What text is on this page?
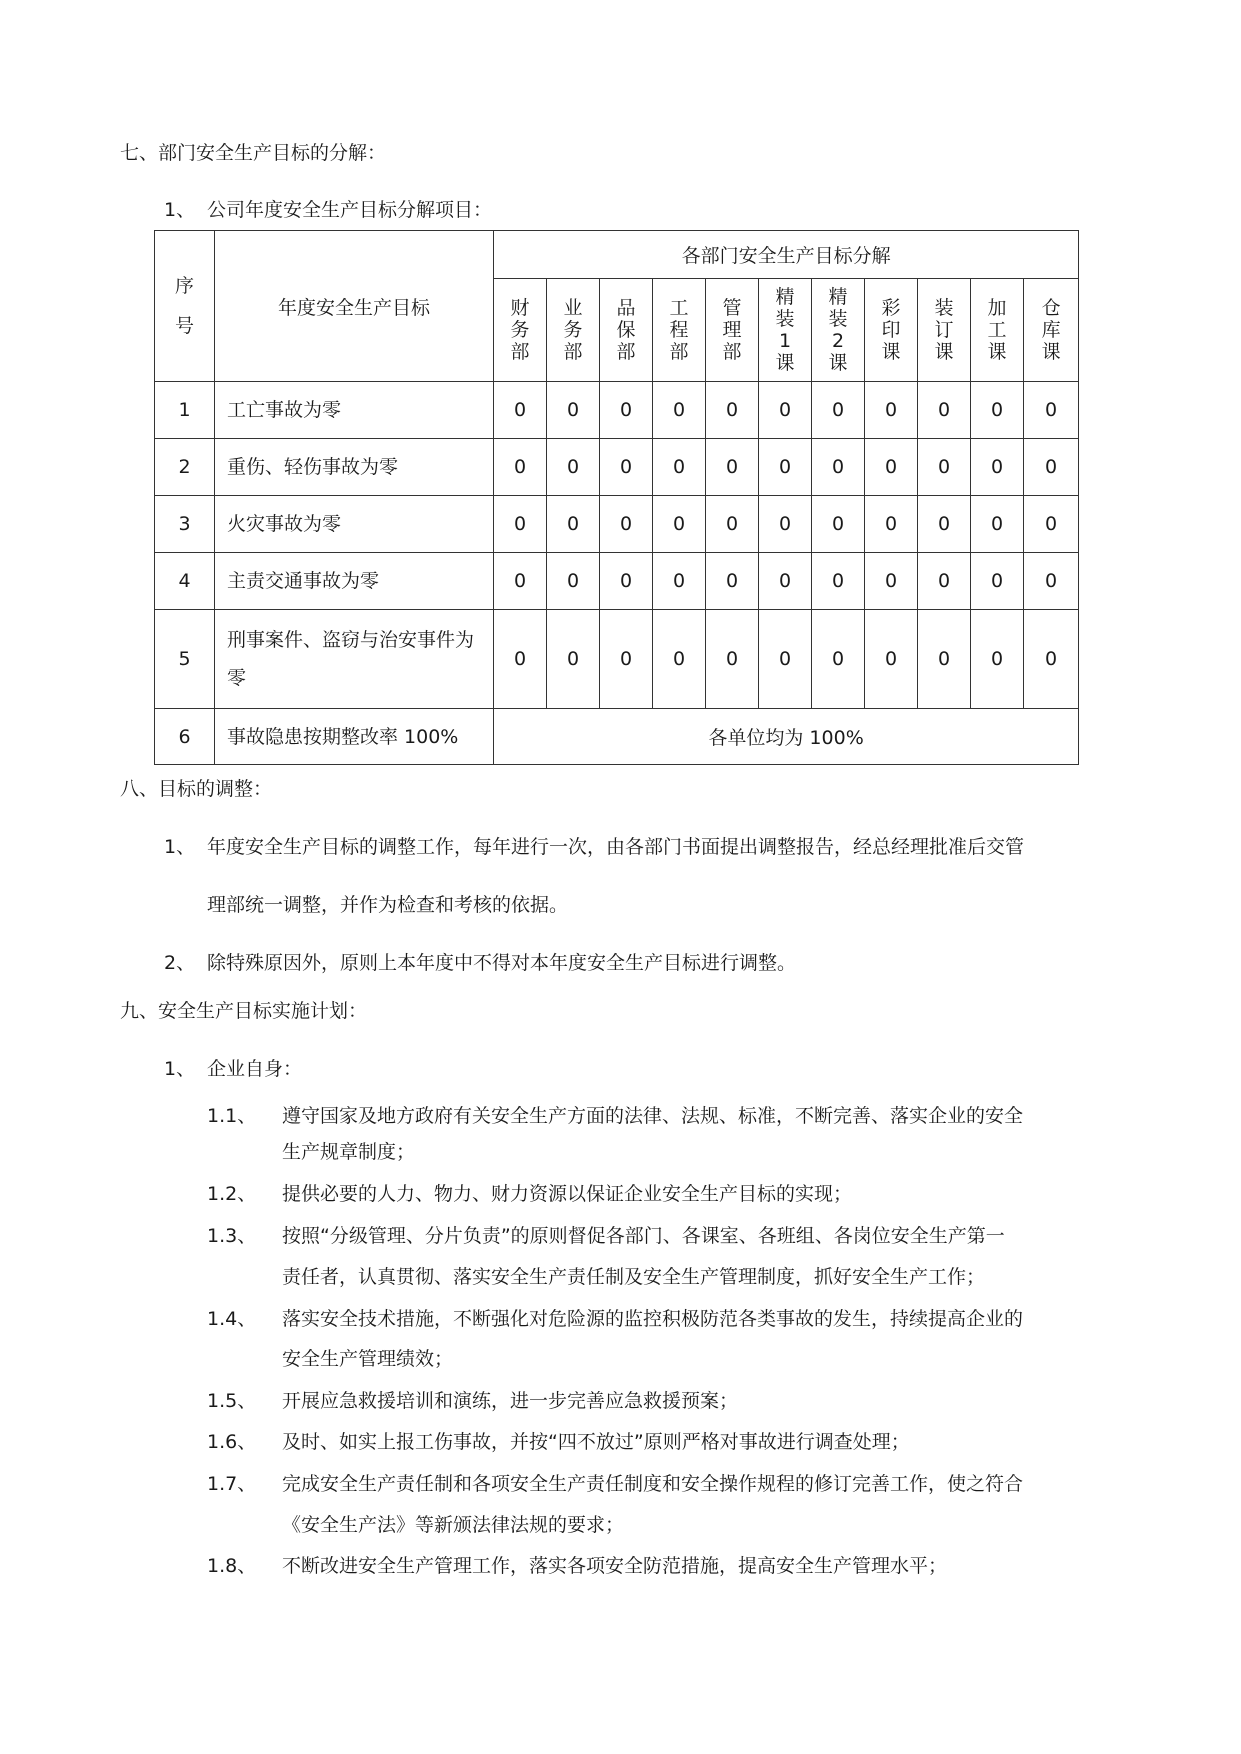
七、部门安全生产目标的分解：
1、 公司年度安全生产目标分解项目：
序号	年度安全生产目标	各部门安全生产目标分解										
		财务部	业务部	品保部	工程部	管理部	精装1课	精装2课	彩印课	装订课	加工课	仓库课
1	工亡事故为零	0	0	0	0	0	0	0	0	0	0	0
2	重伤、轻伤事故为零	0	0	0	0	0	0	0	0	0	0	0
3	火灾事故为零	0	0	0	0	0	0	0	0	0	0	0
4	主责交通事故为零	0	0	0	0	0	0	0	0	0	0	0
5	刑事案件、盗窃与治安事件为零	0	0	0	0	0	0	0	0	0	0	0
6	事故隐患按期整改率 100%	各单位均为 100%										
八、目标的调整：
1、 年度安全生产目标的调整工作，每年进行一次，由各部门书面提出调整报告，经总经理批准后交管
理部统一调整，并作为检查和考核的依据。
2、 除特殊原因外，原则上本年度中不得对本年度安全生产目标进行调整。
九、安全生产目标实施计划：
1、 企业自身：
1.1、 遵守国家及地方政府有关安全生产方面的法律、法规、标准，不断完善、落实企业的安全
生产规章制度；
1.2、 提供必要的人力、物力、财力资源以保证企业安全生产目标的实现；
1.3、 按照“分级管理、分片负责”的原则督促各部门、各课室、各班组、各岗位安全生产第一
责任者，认真贯彻、落实安全生产责任制及安全生产管理制度，抓好安全生产工作；
1.4、 落实安全技术措施，不断强化对危险源的监控积极防范各类事故的发生，持续提高企业的
安全生产管理绩效；
1.5、 开展应急救援培训和演练，进一步完善应急救援预案；
1.6、 及时、如实上报工伤事故，并按“四不放过”原则严格对事故进行调查处理；
1.7、 完成安全生产责任制和各项安全生产责任制度和安全操作规程的修订完善工作，使之符合
《安全生产法》等新颁法律法规的要求；
1.8、 不断改进安全生产管理工作，落实各项安全防范措施，提高安全生产管理水平；
